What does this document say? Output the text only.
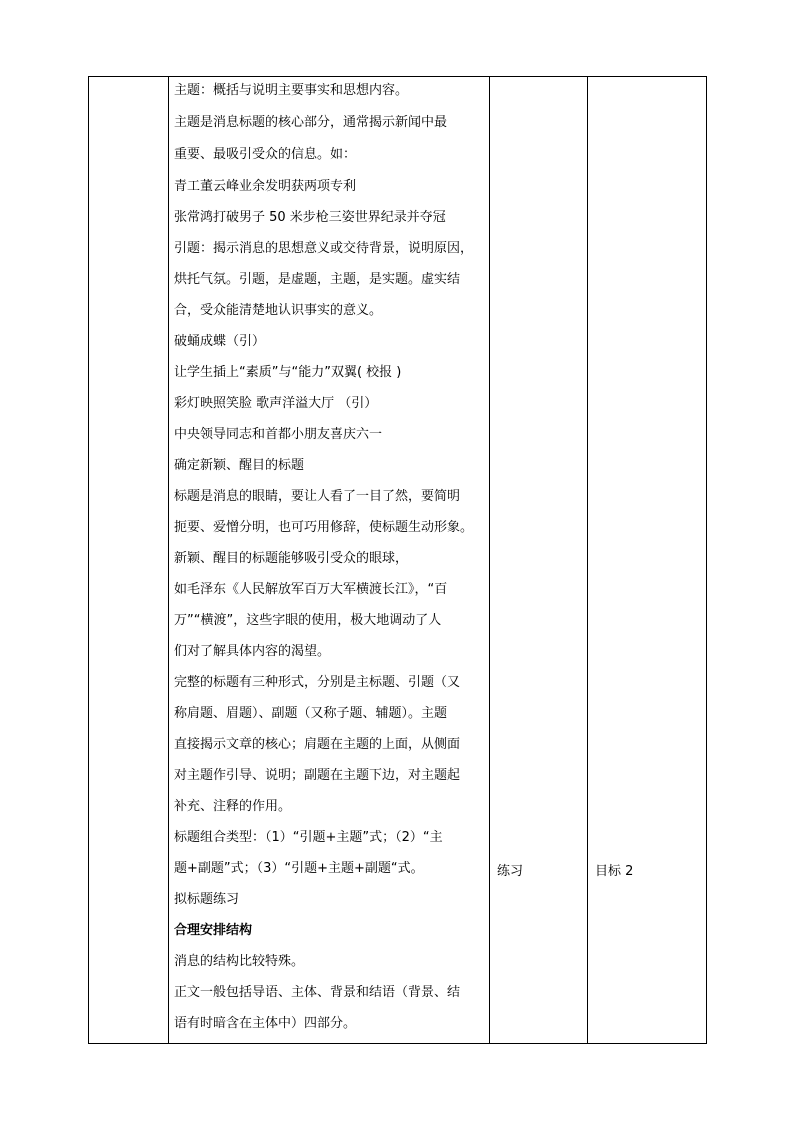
主题：概括与说明主要事实和思想内容。
主题是消息标题的核心部分，通常揭示新闻中最
重要、最吸引受众的信息。如：
青工董云峰业余发明获两项专利
张常鸿打破男子 50 米步枪三姿世界纪录并夺冠
引题：揭示消息的思想意义或交待背景，说明原因，
烘托气氛。引题，是虚题，主题，是实题。虚实结
合，受众能清楚地认识事实的意义。
破蛹成蝶（引）
让学生插上“素质”与“能力”双翼( 校报 )
彩灯映照笑脸 歌声洋溢大厅 （引）
中央领导同志和首都小朋友喜庆六一
确定新颖、醒目的标题
标题是消息的眼睛，要让人看了一目了然，要简明
扼要、爱憎分明，也可巧用修辞，使标题生动形象。
新颖、醒目的标题能够吸引受众的眼球，
如毛泽东《人民解放军百万大军横渡长江》，“百
万”“横渡”，这些字眼的使用，极大地调动了人
们对了解具体内容的渴望。
完整的标题有三种形式，分别是主标题、引题（又
称肩题、眉题）、副题（又称子题、辅题）。主题
直接揭示文章的核心；肩题在主题的上面，从侧面
对主题作引导、说明；副题在主题下边，对主题起
补充、注释的作用。
标题组合类型：（1）“引题+主题”式；（2）“主
题+副题”式；（3）“引题+主题+副题“式。
拟标题练习
合理安排结构
消息的结构比较特殊。
正文一般包括导语、主体、背景和结语（背景、结
语有时暗含在主体中）四部分。
练习	目标 2
